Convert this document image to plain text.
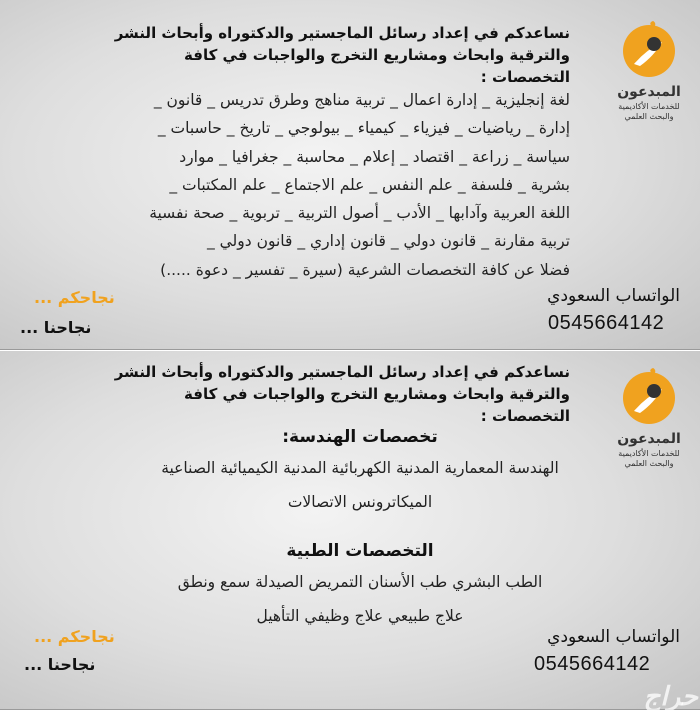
المبدعون
للخدمات الأكاديمية
والبحث العلمي
نساعدكم في إعداد رسائل الماجستير والدكتوراه وأبحاث النشر
والترقية وابحاث ومشاريع التخرج والواجبات في كافة التخصصات :
لغة إنجليزية _ إدارة اعمال _ تربية مناهج وطرق تدريس _ قانون _
إدارة _ رياضيات _ فيزياء _ كيمياء _ بيولوجي _ تاريخ _ حاسبات _
سياسة _ زراعة _ اقتصاد _ إعلام _ محاسبة _ جغرافيا _ موارد
بشرية _ فلسفة _ علم النفس _ علم الاجتماع _ علم المكتبات _
اللغة العربية وآدابها _ الأدب _ أصول التربية _ تربوية _ صحة نفسية
تربية مقارنة _ قانون دولي _ قانون إداري _ قانون دولي _
فضلا عن كافة التخصصات الشرعية (سيرة _ تفسير _ دعوة .....)
الواتساب السعودي
0545664142
نجاحكم ...
نجاحنا ...
المبدعون
للخدمات الأكاديمية
والبحث العلمي
نساعدكم في إعداد رسائل الماجستير والدكتوراه وأبحاث النشر
والترقية وابحاث ومشاريع التخرج والواجبات في كافة التخصصات :
تخصصات الهندسة:
الهندسة المعمارية المدنية الكهربائية المدنية الكيميائية الصناعية
الميكاترونس الاتصالات
التخصصات الطبية
الطب البشري طب الأسنان التمريض الصيدلة سمع ونطق
علاج طبيعي علاج وظيفي التأهيل
الواتساب السعودي
0545664142
نجاحكم ...
نجاحنا ...
حراج
